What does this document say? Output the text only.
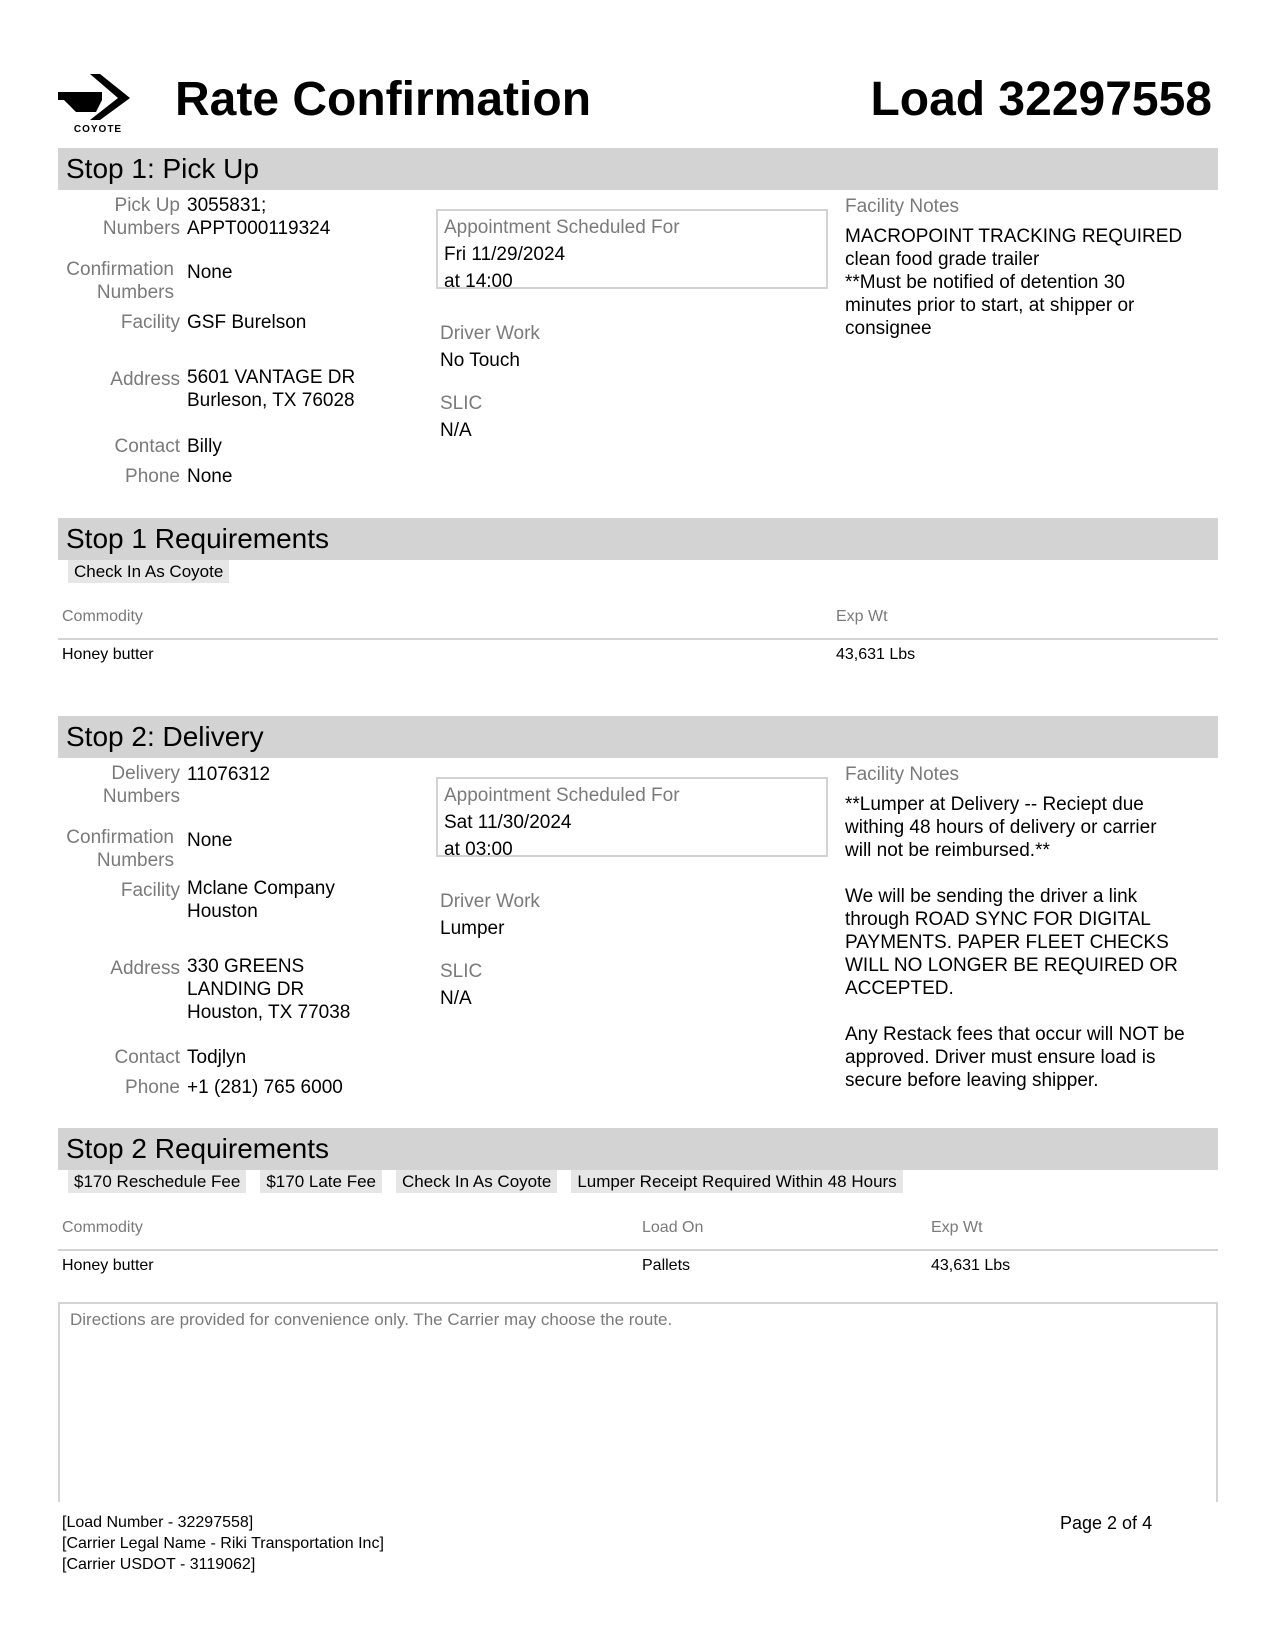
COYOTE
Rate Confirmation	Load 32297558
Stop 1: Pick Up
Pick Up
Numbers
3055831;
APPT000119324
Confirmation
Numbers
None
Facility GSF Burelson
Address 5601 VANTAGE DR
Burleson, TX 76028
Contact Billy
Phone None
Appointment Scheduled For
Fri 11/29/2024
at 14:00
Driver Work
No Touch
SLIC
N/A
Facility Notes
MACROPOINT TRACKING REQUIRED
clean food grade trailer
**Must be notified of detention 30
minutes prior to start, at shipper or
consignee
Stop 1 Requirements
Check In As Coyote
Commodity	Exp Wt
Honey butter	43,631 Lbs
Stop 2: Delivery
Delivery
Numbers
11076312
Confirmation
Numbers
None
Facility Mclane Company
Houston
Address 330 GREENS
LANDING DR
Houston, TX 77038
Contact Todjlyn
Phone +1 (281) 765 6000
Appointment Scheduled For
Sat 11/30/2024
at 03:00
Driver Work
Lumper
SLIC
N/A
Facility Notes
**Lumper at Delivery -- Reciept due
withing 48 hours of delivery or carrier
will not be reimbursed.**

We will be sending the driver a link
through ROAD SYNC FOR DIGITAL
PAYMENTS. PAPER FLEET CHECKS
WILL NO LONGER BE REQUIRED OR
ACCEPTED.

Any Restack fees that occur will NOT be
approved. Driver must ensure load is
secure before leaving shipper.
Stop 2 Requirements
$170 Reschedule Fee	$170 Late Fee	Check In As Coyote	Lumper Receipt Required Within 48 Hours
Commodity	Load On	Exp Wt
Honey butter	Pallets	43,631 Lbs
Directions are provided for convenience only. The Carrier may choose the route.
[Load Number - 32297558]
[Carrier Legal Name - Riki Transportation Inc]
[Carrier USDOT - 3119062]
Page 2 of 4
